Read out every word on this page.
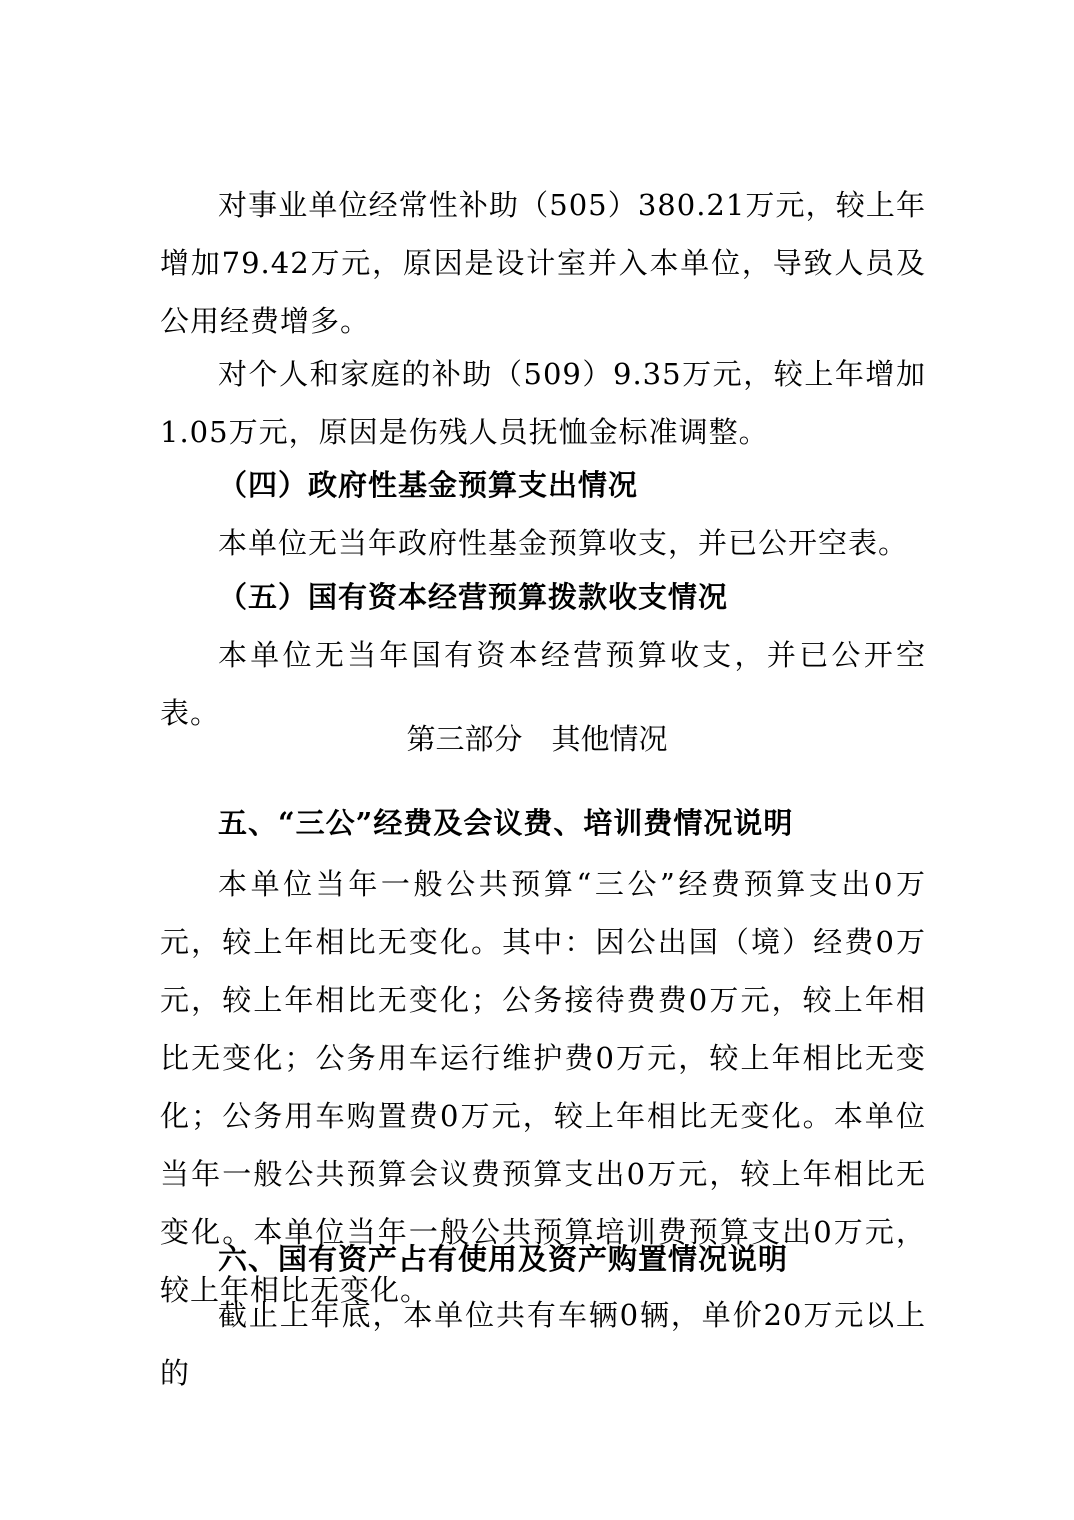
对事业单位经常性补助（505）380.21万元，较上年增加79.42万元，原因是设计室并入本单位，导致人员及公用经费增多。

对个人和家庭的补助（509）9.35万元，较上年增加1.05万元，原因是伤残人员抚恤金标准调整。

（四）政府性基金预算支出情况

本单位无当年政府性基金预算收支，并已公开空表。

（五）国有资本经营预算拨款收支情况

本单位无当年国有资本经营预算收支，并已公开空表。

第三部分　其他情况

五、“三公”经费及会议费、培训费情况说明

本单位当年一般公共预算“三公”经费预算支出0万元，较上年相比无变化。其中：因公出国（境）经费0万元，较上年相比无变化；公务接待费费0万元，较上年相比无变化；公务用车运行维护费0万元，较上年相比无变化；公务用车购置费0万元，较上年相比无变化。本单位当年一般公共预算会议费预算支出0万元，较上年相比无变化。本单位当年一般公共预算培训费预算支出0万元，较上年相比无变化。

六、国有资产占有使用及资产购置情况说明

截止上年底，本单位共有车辆0辆，单价20万元以上的
